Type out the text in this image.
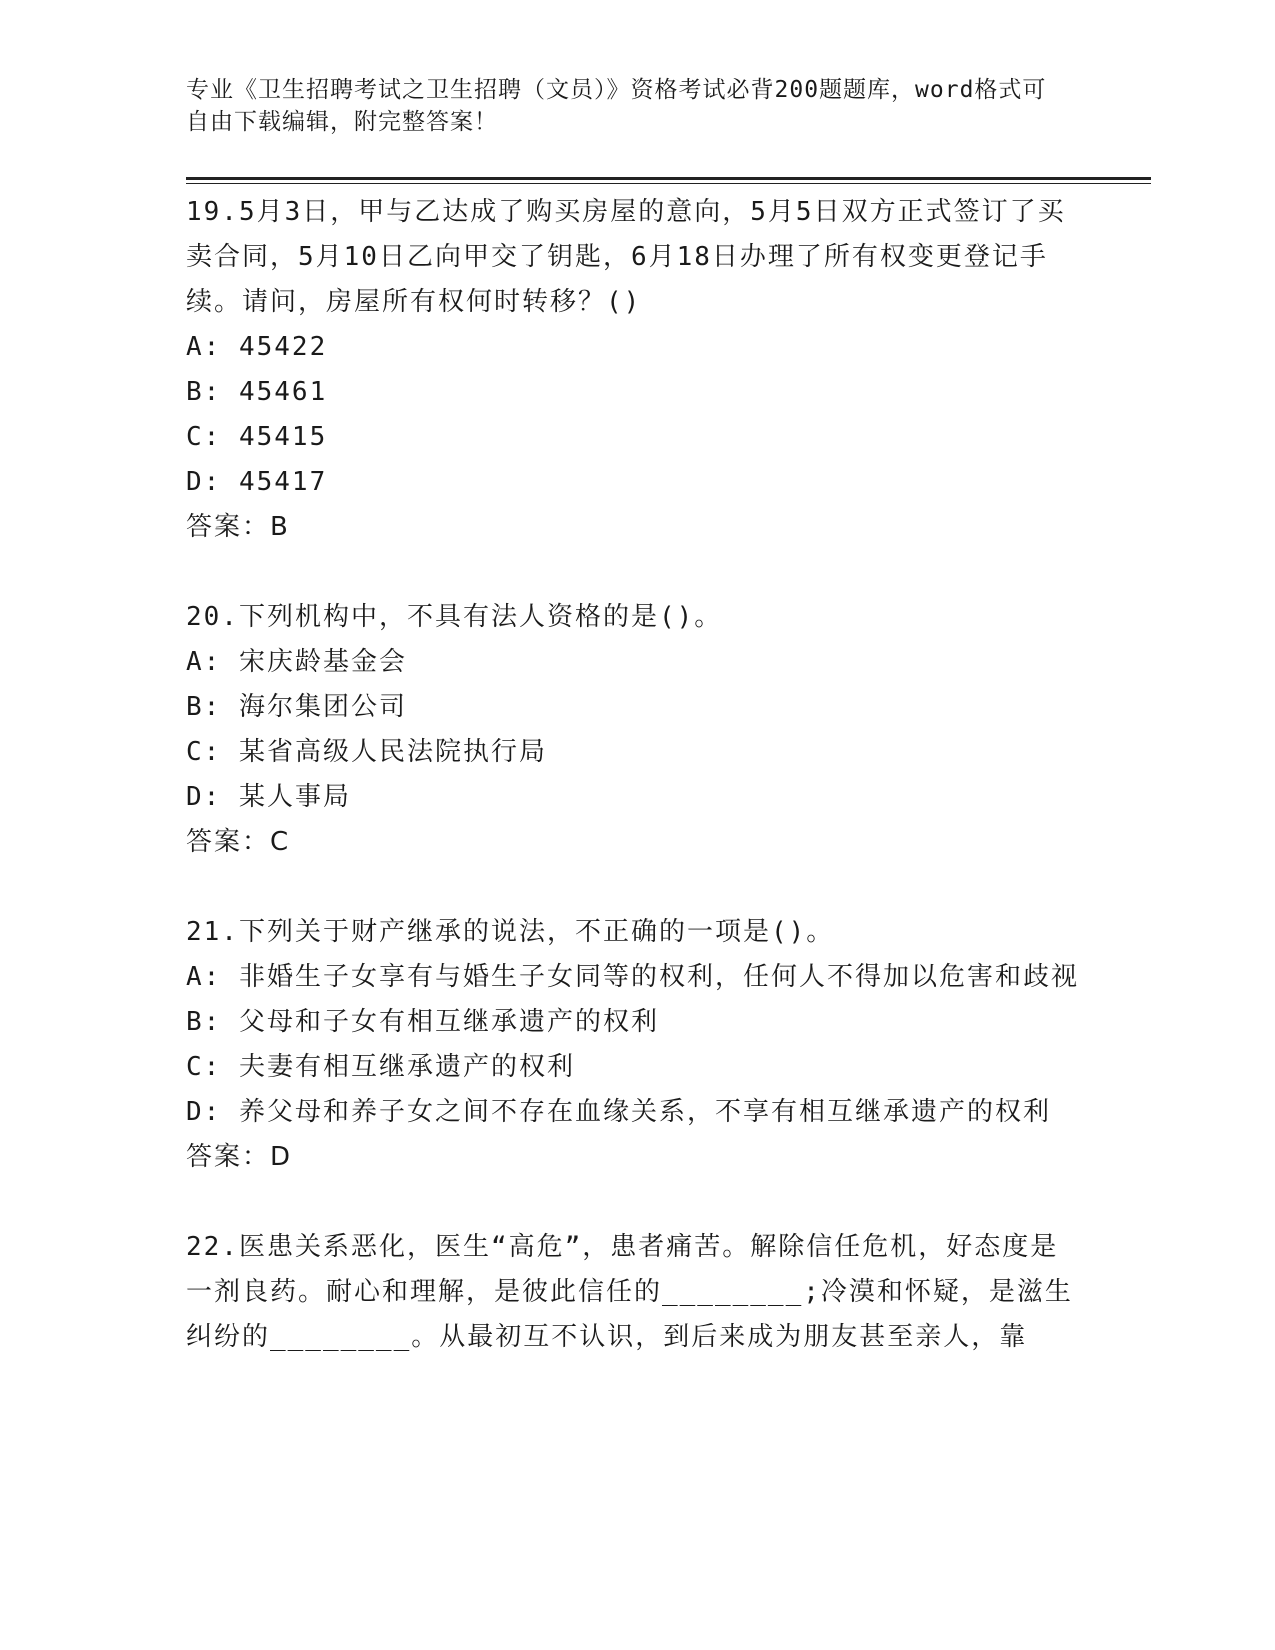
专业《卫生招聘考试之卫生招聘（文员）》资格考试必背200题题库，word格式可自由下载编辑，附完整答案！

19.5月3日，甲与乙达成了购买房屋的意向，5月5日双方正式签订了买卖合同，5月10日乙向甲交了钥匙，6月18日办理了所有权变更登记手续。请问，房屋所有权何时转移？()

A: 45422

B: 45461

C: 45415

D: 45417

答案：B

20.下列机构中，不具有法人资格的是()。

A: 宋庆龄基金会

B: 海尔集团公司

C: 某省高级人民法院执行局

D: 某人事局

答案：C

21.下列关于财产继承的说法，不正确的一项是()。

A: 非婚生子女享有与婚生子女同等的权利，任何人不得加以危害和歧视

B: 父母和子女有相互继承遗产的权利

C: 夫妻有相互继承遗产的权利

D: 养父母和养子女之间不存在血缘关系，不享有相互继承遗产的权利

答案：D

22.医患关系恶化，医生“高危”，患者痛苦。解除信任危机，好态度是一剂良药。耐心和理解，是彼此信任的________;冷漠和怀疑，是滋生纠纷的________。从最初互不认识，到后来成为朋友甚至亲人，靠
